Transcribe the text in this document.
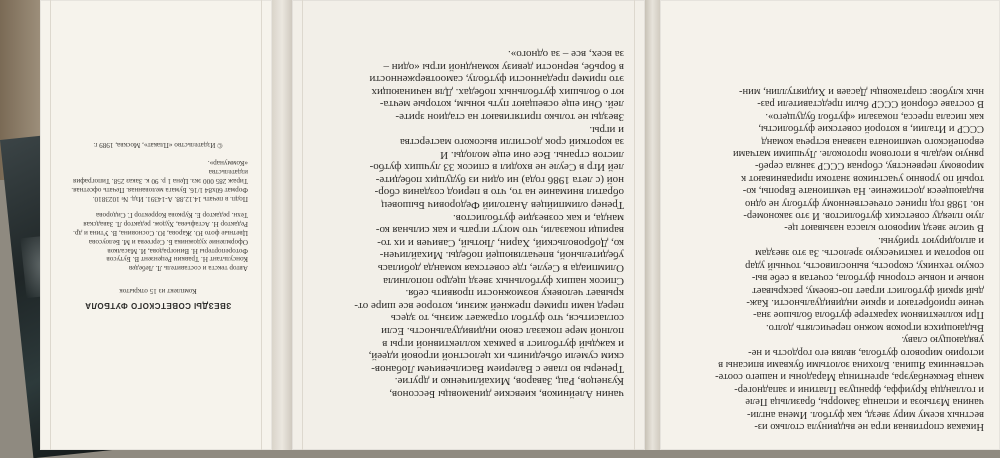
ЗВЕЗДЫ СОВЕТСКОГО ФУТБОЛА

Комплект из 15 открыток

Автор текста и составитель Л. Лебедев
Консультант Н. Травкин Рецензент В. Бутусов
Фоторепортеры Н. Виноградова, И. Масалков
Оформление художника Б. Сергеева и М. Белоусова
Цветные фото Ю. Жарова, Ю. Сосновина, В. Утина и др.
Редактор Н. Астафьева, Худож. редактор Л. Завадская
Техн. редактор Е. Куркова Корректор Г. Сидорова

Подп. в печать 14.12.88. А-14391. Изд. № 1023810.
Формат 60x84 1/16. Бумага мелованная. Печать офсетная.
Тираж 285 000 экз. Цена 1 р. 90 к. Заказ 258. Типография издательства
«Коммунар».

© Издательство «Плакат», Москва, 1989 г.

чанин Алейников, киевские динамовцы Бессонов,
Кузнецов, Рац, Заваров, Михайличенко и другие.
Тренеры во главе с Валерием Васильевичем Лобанов-
ским сумели объединить их целостной игровой идеей,
и каждый футболист в рамках коллективной игры в
полной мере показал свою индивидуальность. Если
согласиться, что футбол отражает жизнь, то здесь
перед нами пример прежней жизни, которое все шире от-
крывает человеку возможности проявить себя.
Список наших футбольных звезд щедро пополнила
Олимпиада в Сеуле, где советская команда добилась
убедительной, впечатляющей победы. Михайличен-
ко, Добровольский, Харин, Лютый, Савичев и их то-
варищи показали, что могут играть и как сильная ко-
манда, и как созвездие футболистов.
Тренер олимпийцев Анатолий Федорович Бышовец
обратил внимание на то, что в период создания сбор-
ной (с лета 1986 года) ни один из будущих победите-
лей Игр в Сеуле не входил в список 33 лучших футбо-
листов страны. Все они еще молоды. И
за короткий срок достигли высокого мастерства
и игры.
Звезды не только притягивают на стадион зрите-
лей. Они еще освещают путь юным, которые мечта-
ют о больших футбольных победах. Для начинающих
это пример преданности футболу, самоотверженности
в борьбе, верности девизу командной игры «один –
за всех, все – за одного».

Никакая спортивная игра не выдвинула столько из-
вестных всему миру звезд, как футбол. Имена англи-
чанина Мэтьюза и испанца Заморры, бразильца Пеле
и голландца Круиффа, француза Платини и западногер-
манца Беккенбауэра, аргентинца Марадоны и нашего сооте-
чественника Яшина. Блохина золотыми буквами вписаны в
историю мирового футбола, являя его гордость и не-
увядающую славу.
Выдающихся игроков можно перечислять долго.
При коллективном характере футбола большое зна-
чение приобретают и яркие индивидуальности. Каж-
дый яркий футболист играет по-своему, раскрывает
новые и новые стороны футбола, сочетая в себе вы-
сокую технику, скорость, выносливость, точный удар
по воротам и тактическую зрелость. За это звездам
и аплодируют трибуны.
В числе звезд мирового класса называют це-
лую плеяду советских футболистов. И это закономер-
но. 1988 год принес отечественному футболу не одно
выдающееся достижение. На чемпионате Европы, ко-
торый по уровню участников знатоки приравнивают к
мировому первенству, сборная СССР заняла сереб-
ряную медаль в итоговом протоколе. Лучшими матчами
европейского чемпионата названа встреча команд
СССР и Италии, в которой советские футболисты,
как писала пресса, показали «футбол будущего».
В составе сборной СССР были представители раз-
ных клубов: спартаковцы Дасаев и Хидиятуллин, мин-
